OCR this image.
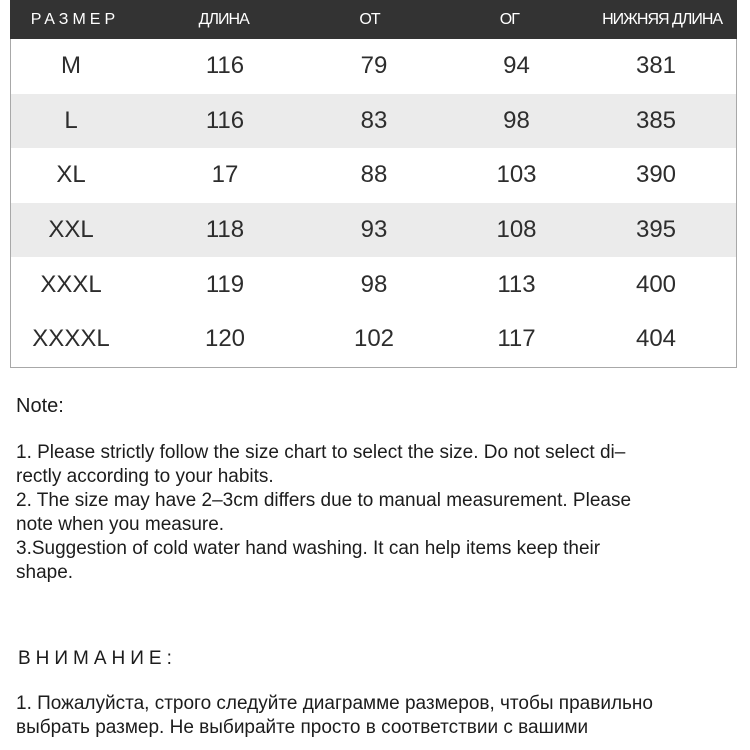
РАЗМЕР	ДЛИНА	ОТ	ОГ	НИЖНЯЯ ДЛИНА
M	116	79	94	381
L	116	83	98	385
XL	17	88	103	390
XXL	118	93	108	395
XXXL	119	98	113	400
XXXXL	120	102	117	404

Note:

1. Please strictly follow the size chart to select the size. Do not select di–

rectly according to your habits.

2. The size may have 2–3cm differs due to manual measurement. Please

note when you measure.

3.Suggestion of cold water hand washing. It can help items keep their

shape.

ВНИМАНИЕ:

1. Пожалуйста, строго следуйте диаграмме размеров, чтобы правильно

выбрать размер. Не выбирайте просто в соответствии с вашими
